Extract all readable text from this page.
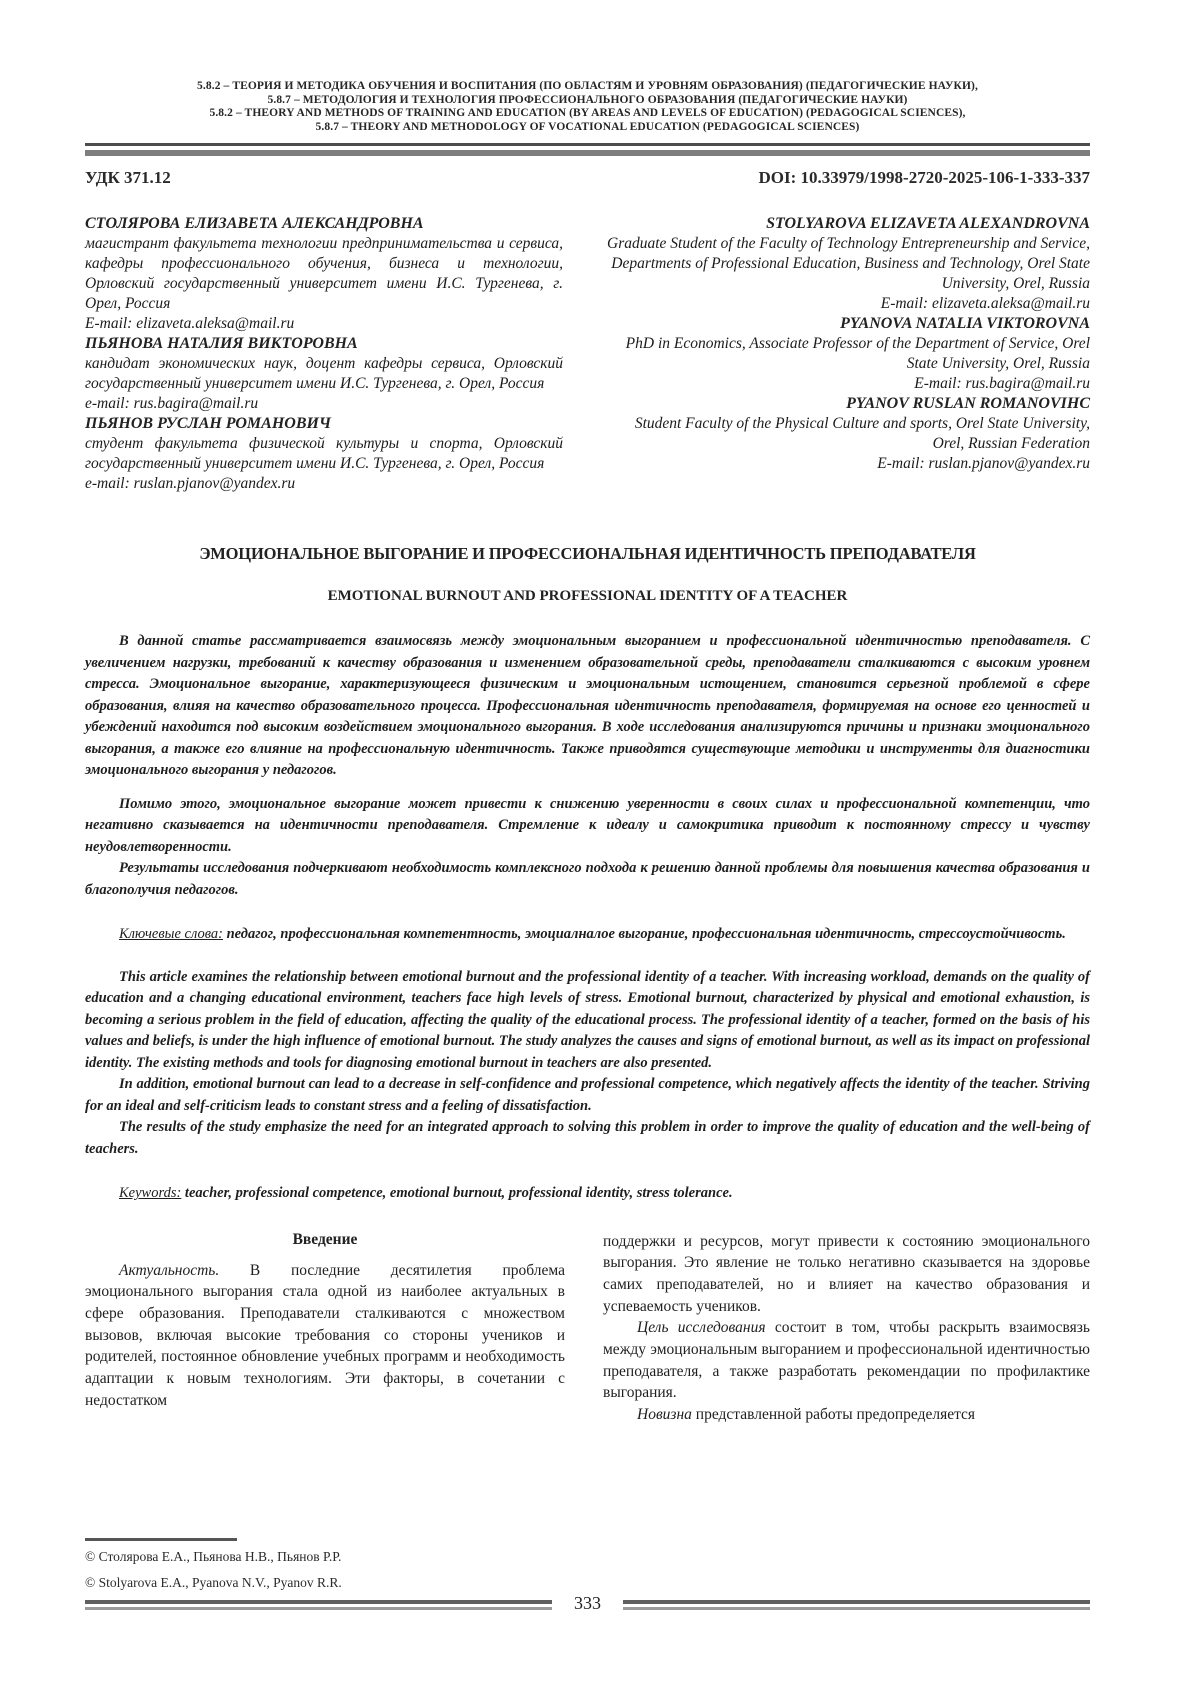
5.8.2 – ТЕОРИЯ И МЕТОДИКА ОБУЧЕНИЯ И ВОСПИТАНИЯ (ПО ОБЛАСТЯМ И УРОВНЯМ ОБРАЗОВАНИЯ) (ПЕДАГОГИЧЕСКИЕ НАУКИ),
5.8.7 – МЕТОДОЛОГИЯ И ТЕХНОЛОГИЯ ПРОФЕССИОНАЛЬНОГО ОБРАЗОВАНИЯ (ПЕДАГОГИЧЕСКИЕ НАУКИ)
5.8.2 – THEORY AND METHODS OF TRAINING AND EDUCATION (BY AREAS AND LEVELS OF EDUCATION) (PEDAGOGICAL SCIENCES),
5.8.7 – THEORY AND METHODOLOGY OF VOCATIONAL EDUCATION (PEDAGOGICAL SCIENCES)
УДК 371.12	DOI: 10.33979/1998-2720-2025-106-1-333-337
СТОЛЯРОВА ЕЛИЗАВЕТА АЛЕКСАНДРОВНА
магистрант факультета технологии предпринимательства и сервиса, кафедры профессионального обучения, бизнеса и технологии, Орловский государственный университет имени И.С. Тургенева, г. Орел, Россия
E-mail: elizaveta.aleksa@mail.ru
ПЬЯНОВА НАТАЛИЯ ВИКТОРОВНА
кандидат экономических наук, доцент кафедры сервиса, Орловский государственный университет имени И.С. Тургенева, г. Орел, Россия
e-mail: rus.bagira@mail.ru
ПЬЯНОВ РУСЛАН РОМАНОВИЧ
студент факультета физической культуры и спорта, Орловский государственный университет имени И.С. Тургенева, г. Орел, Россия
e-mail: ruslan.pjanov@yandex.ru
STOLYAROVA ELIZAVETA ALEXANDROVNA
Graduate Student of the Faculty of Technology Entrepreneurship and Service, Departments of Professional Education, Business and Technology, Orel State University, Orel, Russia
E-mail: elizaveta.aleksa@mail.ru
PYANOVA NATALIA VIKTOROVNA
PhD in Economics, Associate Professor of the Department of Service, Orel State University, Orel, Russia
E-mail: rus.bagira@mail.ru
PYANOV RUSLAN ROMANOVIHC
Student Faculty of the Physical Culture and sports, Orel State University, Orel, Russian Federation
E-mail: ruslan.pjanov@yandex.ru
ЭМОЦИОНАЛЬНОЕ ВЫГОРАНИЕ И ПРОФЕССИОНАЛЬНАЯ ИДЕНТИЧНОСТЬ ПРЕПОДАВАТЕЛЯ
EMOTIONAL BURNOUT AND PROFESSIONAL IDENTITY OF A TEACHER

В данной статье рассматривается взаимосвязь между эмоциональным выгоранием и профессиональной идентичностью преподавателя. С увеличением нагрузки, требований к качеству образования и изменением образовательной среды, преподаватели сталкиваются с высоким уровнем стресса. Эмоциональное выгорание, характеризующееся физическим и эмоциональным истощением, становится серьезной проблемой в сфере образования, влияя на качество образовательного процесса. Профессиональная идентичность преподавателя, формируемая на основе его ценностей и убеждений находится под высоким воздействием эмоционального выгорания. В ходе исследования анализируются причины и признаки эмоционального выгорания, а также его влияние на профессиональную идентичность. Также приводятся существующие методики и инструменты для диагностики эмоционального выгорания у педагогов.

Помимо этого, эмоциональное выгорание может привести к снижению уверенности в своих силах и профессиональной компетенции, что негативно сказывается на идентичности преподавателя. Стремление к идеалу и самокритика приводит к постоянному стрессу и чувству неудовлетворенности.

Результаты исследования подчеркивают необходимость комплексного подхода к решению данной проблемы для повышения качества образования и благополучия педагогов.

Ключевые слова: педагог, профессиональная компетентность, эмоциалналое выгорание, профессиональная идентичность, стрессоустойчивость.

This article examines the relationship between emotional burnout and the professional identity of a teacher. With increasing workload, demands on the quality of education and a changing educational environment, teachers face high levels of stress. Emotional burnout, characterized by physical and emotional exhaustion, is becoming a serious problem in the field of education, affecting the quality of the educational process. The professional identity of a teacher, formed on the basis of his values and beliefs, is under the high influence of emotional burnout. The study analyzes the causes and signs of emotional burnout, as well as its impact on professional identity. The existing methods and tools for diagnosing emotional burnout in teachers are also presented.

In addition, emotional burnout can lead to a decrease in self-confidence and professional competence, which negatively affects the identity of the teacher. Striving for an ideal and self-criticism leads to constant stress and a feeling of dissatisfaction.

The results of the study emphasize the need for an integrated approach to solving this problem in order to improve the quality of education and the well-being of teachers.

Keywords: teacher, professional competence, emotional burnout, professional identity, stress tolerance.

Введение

Актуальность. В последние десятилетия проблема эмоционального выгорания стала одной из наиболее актуальных в сфере образования. Преподаватели сталкиваются с множеством вызовов, включая высокие требования со стороны учеников и родителей, постоянное обновление учебных программ и необходимость адаптации к новым технологиям. Эти факторы, в сочетании с недостатком

поддержки и ресурсов, могут привести к состоянию эмоционального выгорания. Это явление не только негативно сказывается на здоровье самих преподавателей, но и влияет на качество образования и успеваемость учеников.

Цель исследования состоит в том, чтобы раскрыть взаимосвязь между эмоциональным выгоранием и профессиональной идентичностью преподавателя, а также разработать рекомендации по профилактике выгорания.

Новизна представленной работы предопределяется

© Столярова Е.А., Пьянова Н.В., Пьянов Р.Р.

© Stolyarova E.A., Pyanova N.V., Pyanov R.R.

333
